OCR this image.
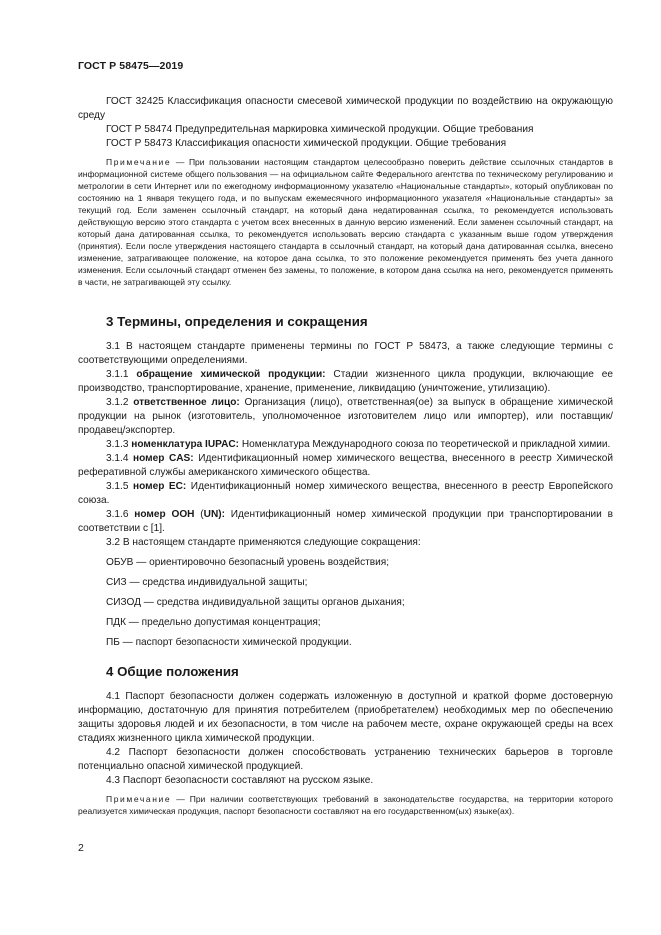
ГОСТ Р 58475—2019

ГОСТ 32425 Классификация опасности смесевой химической продукции по воздействию на окружающую среду

ГОСТ Р 58474 Предупредительная маркировка химической продукции. Общие требования

ГОСТ Р 58473 Классификация опасности химической продукции. Общие требования

Примечание — При пользовании настоящим стандартом целесообразно поверить действие ссылочных стандартов в информационной системе общего пользования — на официальном сайте Федерального агентства по техническому регулированию и метрологии в сети Интернет или по ежегодному информационному указателю «Национальные стандарты», который опубликован по состоянию на 1 января текущего года, и по выпускам ежемесячного информационного указателя «Национальные стандарты» за текущий год. Если заменен ссылочный стандарт, на который дана недатированная ссылка, то рекомендуется использовать действующую версию этого стандарта с учетом всех внесенных в данную версию изменений. Если заменен ссылочный стандарт, на который дана датированная ссылка, то рекомендуется использовать версию стандарта с указанным выше годом утверждения (принятия). Если после утверждения настоящего стандарта в ссылочный стандарт, на который дана датированная ссылка, внесено изменение, затрагивающее положение, на которое дана ссылка, то это положение рекомендуется применять без учета данного изменения. Если ссылочный стандарт отменен без замены, то положение, в котором дана ссылка на него, рекомендуется применять в части, не затрагивающей эту ссылку.

3 Термины, определения и сокращения

3.1 В настоящем стандарте применены термины по ГОСТ Р 58473, а также следующие термины с соответствующими определениями.

3.1.1 обращение химической продукции: Стадии жизненного цикла продукции, включающие ее производство, транспортирование, хранение, применение, ликвидацию (уничтожение, утилизацию).

3.1.2 ответственное лицо: Организация (лицо), ответственная(ое) за выпуск в обращение химической продукции на рынок (изготовитель, уполномоченное изготовителем лицо или импортер), или поставщик/продавец/экспортер.

3.1.3 номенклатура IUPAC: Номенклатура Международного союза по теоретической и прикладной химии.

3.1.4 номер CAS: Идентификационный номер химического вещества, внесенного в реестр Химической реферативной службы американского химического общества.

3.1.5 номер ЕС: Идентификационный номер химического вещества, внесенного в реестр Европейского союза.

3.1.6 номер ООН (UN): Идентификационный номер химической продукции при транспортировании в соответствии с [1].

3.2 В настоящем стандарте применяются следующие сокращения:

ОБУВ — ориентировочно безопасный уровень воздействия;

СИЗ — средства индивидуальной защиты;

СИЗОД — средства индивидуальной защиты органов дыхания;

ПДК — предельно допустимая концентрация;

ПБ — паспорт безопасности химической продукции.

4 Общие положения

4.1 Паспорт безопасности должен содержать изложенную в доступной и краткой форме достоверную информацию, достаточную для принятия потребителем (приобретателем) необходимых мер по обеспечению защиты здоровья людей и их безопасности, в том числе на рабочем месте, охране окружающей среды на всех стадиях жизненного цикла химической продукции.

4.2 Паспорт безопасности должен способствовать устранению технических барьеров в торговле потенциально опасной химической продукцией.

4.3 Паспорт безопасности составляют на русском языке.

Примечание — При наличии соответствующих требований в законодательстве государства, на территории которого реализуется химическая продукция, паспорт безопасности составляют на его государственном(ых) языке(ах).

2
